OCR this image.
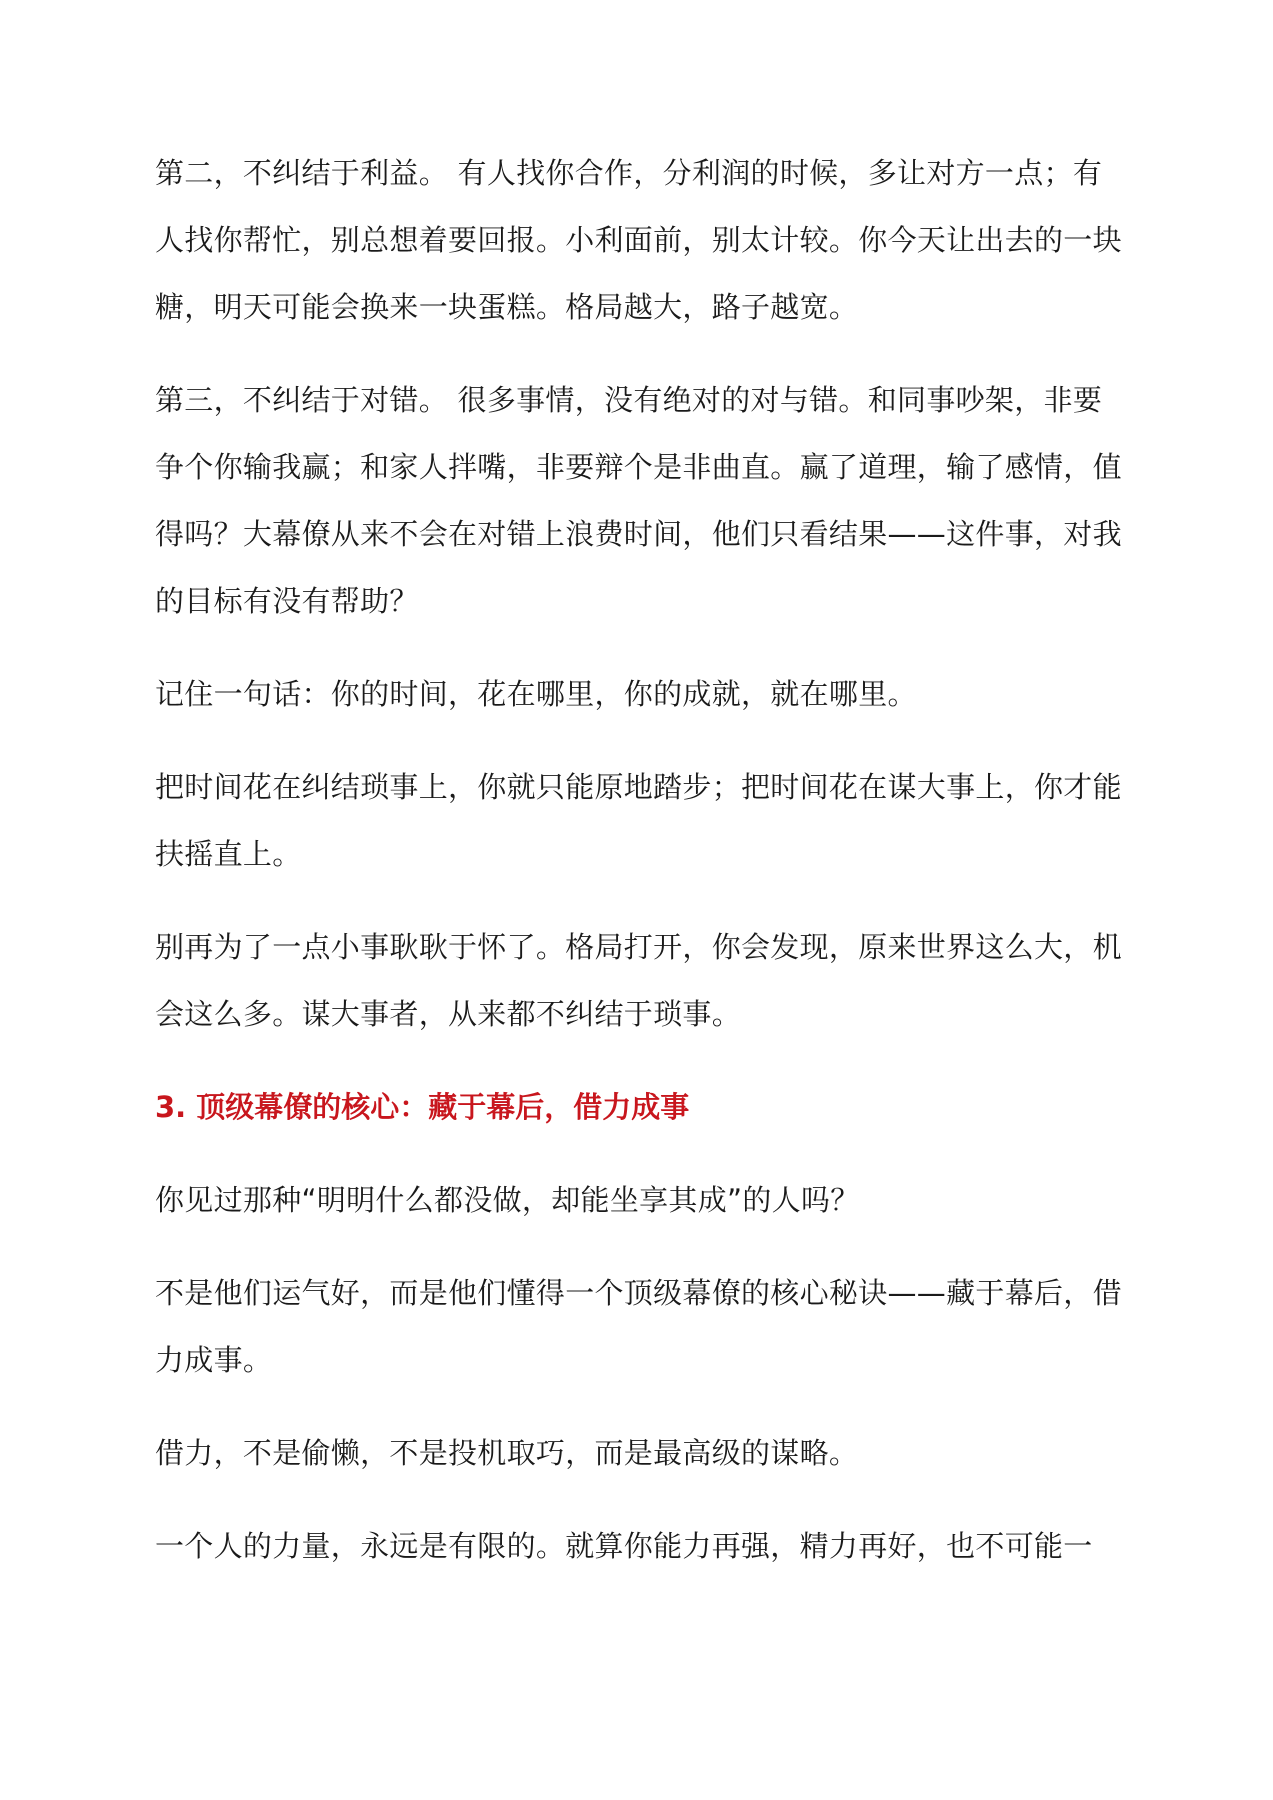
第二，不纠结于利益。 有人找你合作，分利润的时候，多让对方一点；有人找你帮忙，别总想着要回报。小利面前，别太计较。你今天让出去的一块糖，明天可能会换来一块蛋糕。格局越大，路子越宽。

第三，不纠结于对错。 很多事情，没有绝对的对与错。和同事吵架，非要争个你输我赢；和家人拌嘴，非要辩个是非曲直。赢了道理，输了感情，值得吗？大幕僚从来不会在对错上浪费时间，他们只看结果——这件事，对我的目标有没有帮助？

记住一句话：你的时间，花在哪里，你的成就，就在哪里。

把时间花在纠结琐事上，你就只能原地踏步；把时间花在谋大事上，你才能扶摇直上。

别再为了一点小事耿耿于怀了。格局打开，你会发现，原来世界这么大，机会这么多。谋大事者，从来都不纠结于琐事。

3. 顶级幕僚的核心：藏于幕后，借力成事

你见过那种“明明什么都没做，却能坐享其成”的人吗？

不是他们运气好，而是他们懂得一个顶级幕僚的核心秘诀——藏于幕后，借力成事。

借力，不是偷懒，不是投机取巧，而是最高级的谋略。

一个人的力量，永远是有限的。就算你能力再强，精力再好，也不可能一
